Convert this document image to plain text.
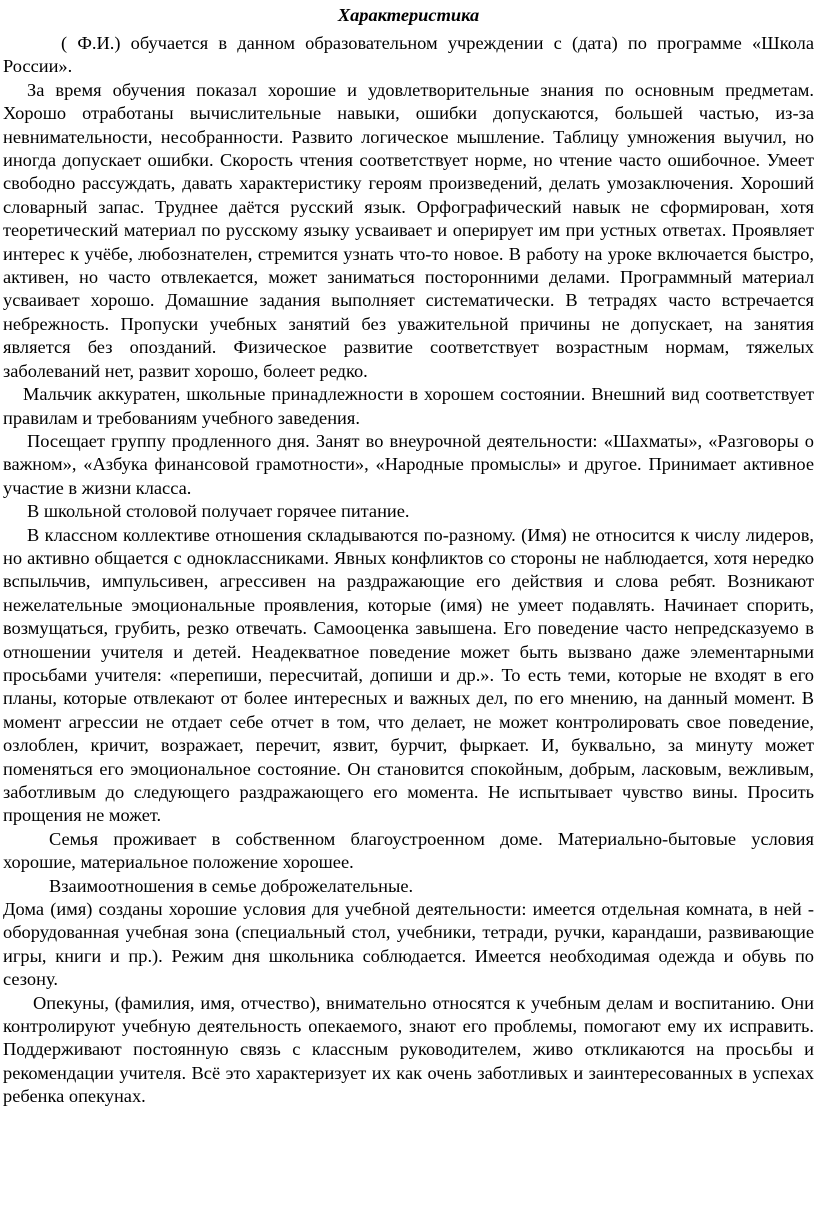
Характеристика

( Ф.И.) обучается в данном образовательном учреждении с (дата) по программе «Школа России».

За время обучения показал хорошие и удовлетворительные знания по основным предметам. Хорошо отработаны вычислительные навыки, ошибки допускаются, большей частью, из-за невнимательности, несобранности. Развито логическое мышление. Таблицу умножения выучил, но иногда допускает ошибки. Скорость чтения соответствует норме, но чтение часто ошибочное. Умеет свободно рассуждать, давать характеристику героям произведений, делать умозаключения. Хороший словарный запас. Труднее даётся русский язык. Орфографический навык не сформирован, хотя теоретический материал по русскому языку усваивает и оперирует им при устных ответах. Проявляет интерес к учёбе, любознателен, стремится узнать что-то новое. В работу на уроке включается быстро, активен, но часто отвлекается, может заниматься посторонними делами. Программный материал усваивает хорошо. Домашние задания выполняет систематически. В тетрадях часто встречается небрежность. Пропуски учебных занятий без уважительной причины не допускает, на занятия является без опозданий. Физическое развитие соответствует возрастным нормам, тяжелых заболеваний нет, развит хорошо, болеет редко.

Мальчик аккуратен, школьные принадлежности в хорошем состоянии. Внешний вид соответствует правилам и требованиям учебного заведения.

Посещает группу продленного дня. Занят во внеурочной деятельности: «Шахматы», «Разговоры о важном», «Азбука финансовой грамотности», «Народные промыслы» и другое. Принимает активное участие в жизни класса.

В школьной столовой получает горячее питание.

В классном коллективе отношения складываются по-разному. (Имя) не относится к числу лидеров, но активно общается с одноклассниками. Явных конфликтов со стороны не наблюдается, хотя нередко вспыльчив, импульсивен, агрессивен на раздражающие его действия и слова ребят. Возникают нежелательные эмоциональные проявления, которые (имя) не умеет подавлять. Начинает спорить, возмущаться, грубить, резко отвечать. Самооценка завышена. Его поведение часто непредсказуемо в отношении учителя и детей. Неадекватное поведение может быть вызвано даже элементарными просьбами учителя: «перепиши, пересчитай, допиши и др.». То есть теми, которые не входят в его планы, которые отвлекают от более интересных и важных дел, по его мнению, на данный момент. В момент агрессии не отдает себе отчет в том, что делает, не может контролировать свое поведение, озлоблен, кричит, возражает, перечит, язвит, бурчит, фыркает. И, буквально, за минуту может поменяться его эмоциональное состояние. Он становится спокойным, добрым, ласковым, вежливым, заботливым до следующего раздражающего его момента. Не испытывает чувство вины. Просить прощения не может.

Семья проживает в собственном благоустроенном доме. Материально-бытовые условия хорошие, материальное положение хорошее.

Взаимоотношения в семье доброжелательные.

Дома (имя) созданы хорошие условия для учебной деятельности: имеется отдельная комната, в ней - оборудованная учебная зона (специальный стол, учебники, тетради, ручки, карандаши, развивающие игры, книги и пр.). Режим дня школьника соблюдается. Имеется необходимая одежда и обувь по сезону.

Опекуны, (фамилия, имя, отчество), внимательно относятся к учебным делам и воспитанию. Они контролируют учебную деятельность опекаемого, знают его проблемы, помогают ему их исправить. Поддерживают постоянную связь с классным руководителем, живо откликаются на просьбы и рекомендации учителя. Всё это характеризует их как очень заботливых и заинтересованных в успехах ребенка опекунах.
